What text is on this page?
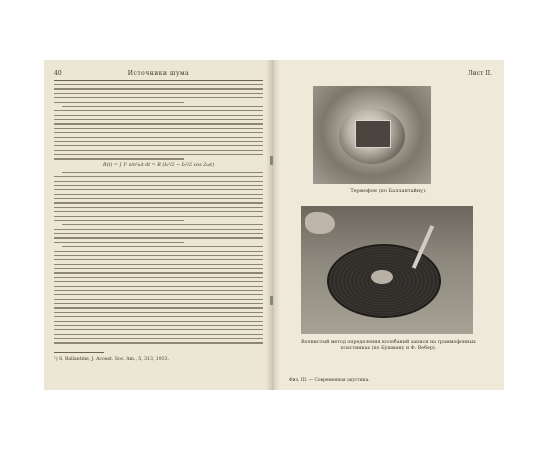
40	Источники шума
R(t) = ∫ I² sin²ωt dt = R (I₀²/2 − I₀²/2 cos 2ωt)
¹) S. Ballantine, J. Acoust. Soc. Am., 5, 313, 1933.
Лист II.
Термофон (по Баллантайну).
Волнистый метод определения колебаний записи на граммофонных пластинках (по Бушману и Ф. Вебер).
Физ. III. — Современная акустика.
